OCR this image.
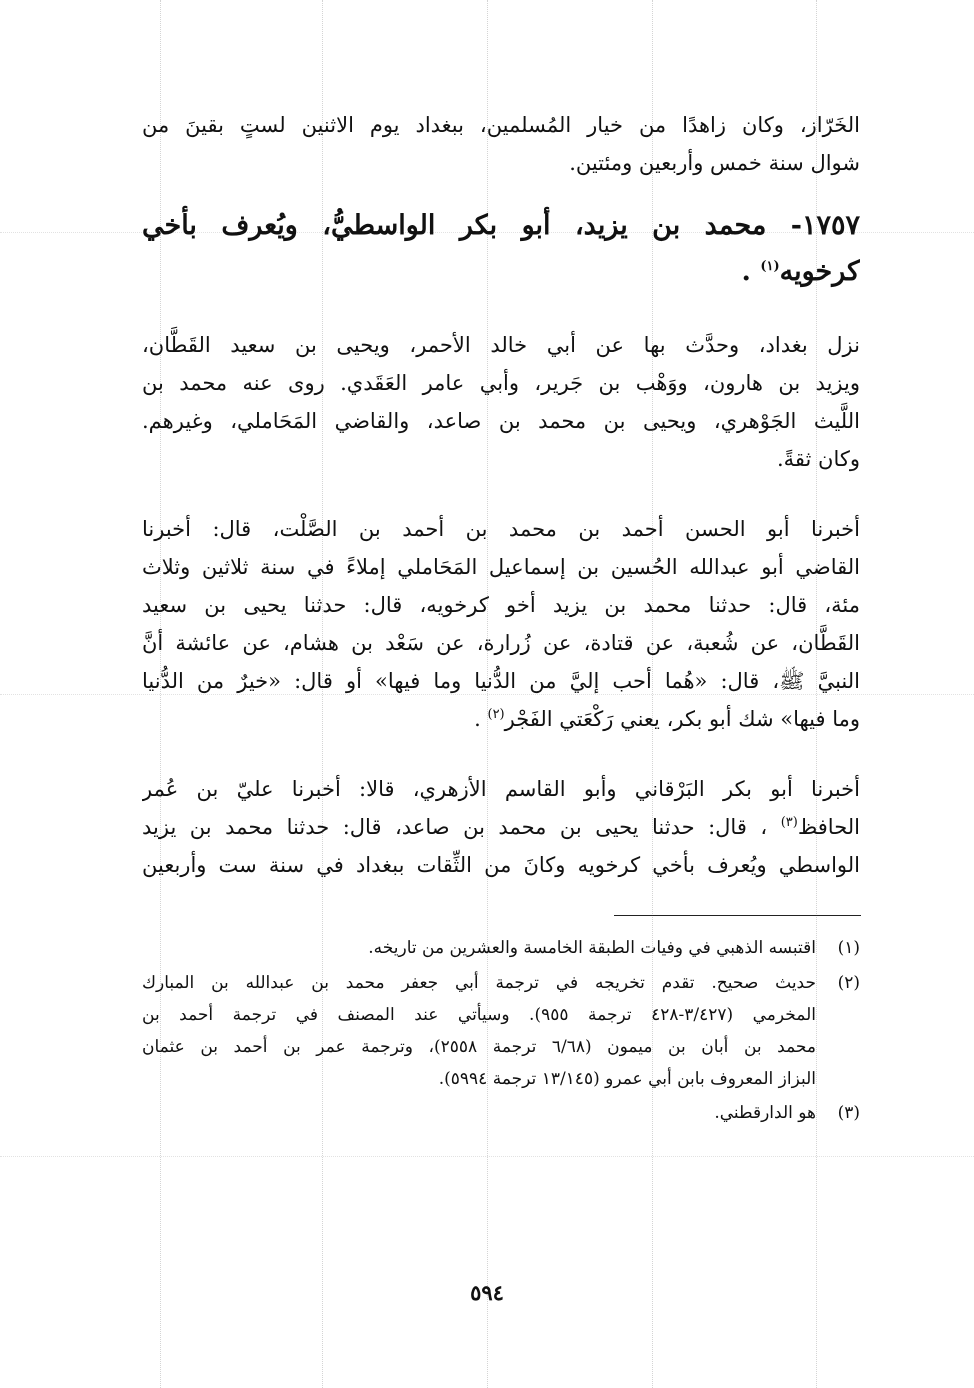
الخَرّاز، وكان زاهدًا من خيار المُسلمين، ببغداد يوم الاثنين لستٍ بقينَ من
شوال سنة خمس وأربعين ومئتين.
١٧٥٧- محمد بن يزيد، أبو بكر الواسطيُّ، ويُعرف بأخي
كرخويه$^{(١)}$ .
نزل بغداد، وحدَّث بها عن أبي خالد الأحمر، ويحيى بن سعيد القَطَّان،
ويزيد بن هارون، ووَهْب بن جَرير، وأبي عامر العَقَدي. روى عنه محمد بن
اللَّيث الجَوْهري، ويحيى بن محمد بن صاعد، والقاضي المَحَاملي، وغيرهم.
وكان ثقةً.
أخبرنا أبو الحسن أحمد بن محمد بن أحمد بن الصَّلْت، قال: أخبرنا
القاضي أبو عبدالله الحُسين بن إسماعيل المَحَاملي إملاءً في سنة ثلاثين وثلاث
مئة، قال: حدثنا محمد بن يزيد أخو كرخويه، قال: حدثنا يحيى بن سعيد
القَطَّان، عن شُعبة، عن قتادة، عن زُرارة، عن سَعْد بن هشام، عن عائشة أنَّ
النبيَّ ﷺ، قال: «هُما أحب إليَّ من الدُّنيا وما فيها» أو قال: «خيرٌ من الدُّنيا
وما فيها» شك أبو بكر، يعني رَكْعَتي الفَجْر$^{(٢)}$ .
أخبرنا أبو بكر البَرْقاني وأبو القاسم الأزهري، قالا: أخبرنا عليّ بن عُمر
الحافظ$^{(٣)}$ ، قال: حدثنا يحيى بن محمد بن صاعد، قال: حدثنا محمد بن يزيد
الواسطي ويُعرف بأخي كرخويه وكانَ من الثِّقات ببغداد في سنة ست وأربعين
(١)
اقتبسه الذهبي في وفيات الطبقة الخامسة والعشرين من تاريخه.
(٢)
حديث صحيح. تقدم تخريجه في ترجمة أبي جعفر محمد بن عبدالله بن المبارك
المخرمي (٣/٤٢٧-٤٢٨ ترجمة ٩٥٥). وسيأتي عند المصنف في ترجمة أحمد بن
محمد بن أبان بن ميمون (٦/٦٨ ترجمة ٢٥٥٨)، وترجمة عمر بن أحمد بن عثمان
البزاز المعروف بابن أبي عمرو (١٣/١٤٥ ترجمة ٥٩٩٤).
(٣)
هو الدارقطني.
٥٩٤
